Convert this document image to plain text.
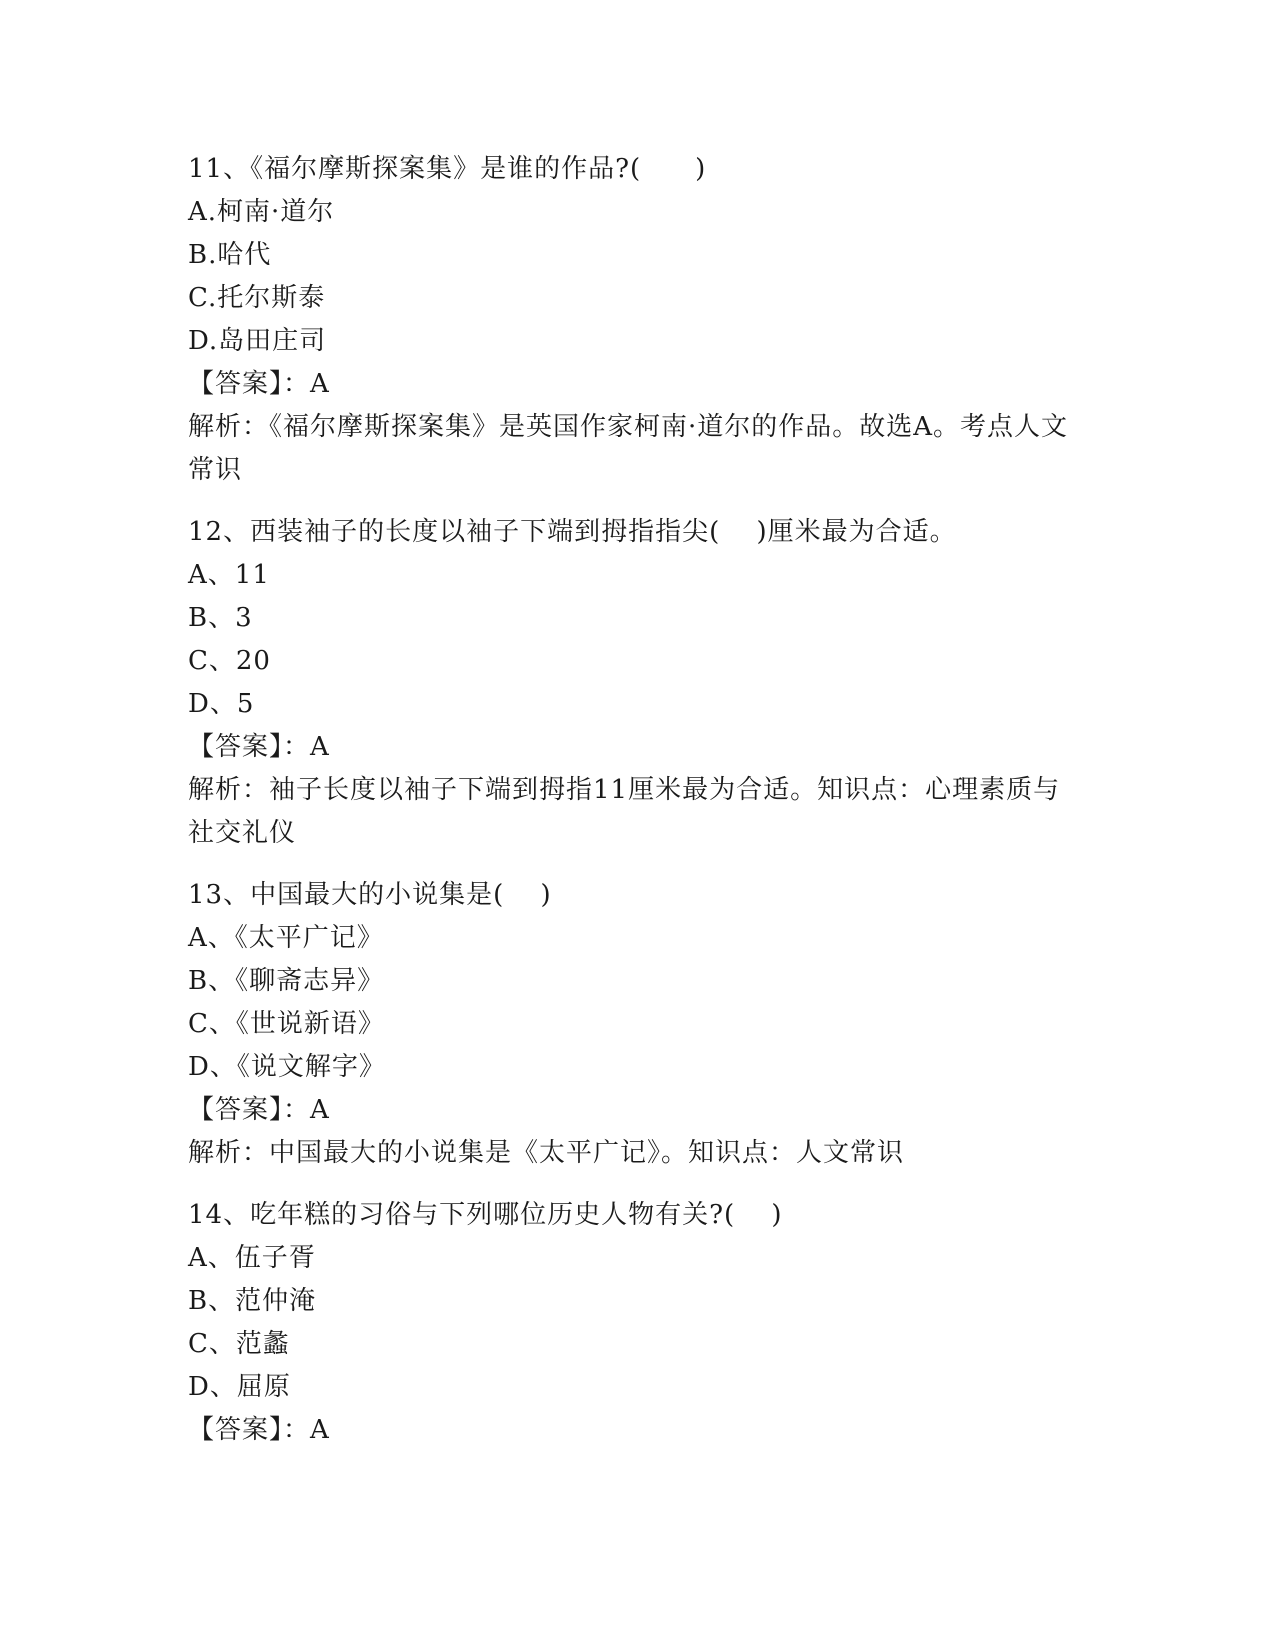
11、《福尔摩斯探案集》是谁的作品?(　　)
A.柯南·道尔
B.哈代
C.托尔斯泰
D.岛田庄司
【答案】：A
解析：《福尔摩斯探案集》是英国作家柯南·道尔的作品。故选A。考点人文常识
12、西装袖子的长度以袖子下端到拇指指尖(　 )厘米最为合适。
A、11
B、3
C、20
D、5
【答案】：A
解析：袖子长度以袖子下端到拇指11厘米最为合适。知识点：心理素质与社交礼仪
13、中国最大的小说集是(　 )
A、《太平广记》
B、《聊斋志异》
C、《世说新语》
D、《说文解字》
【答案】：A
解析：中国最大的小说集是《太平广记》。知识点：人文常识
14、吃年糕的习俗与下列哪位历史人物有关?(　 )
A、伍子胥
B、范仲淹
C、范蠡
D、屈原
【答案】：A
